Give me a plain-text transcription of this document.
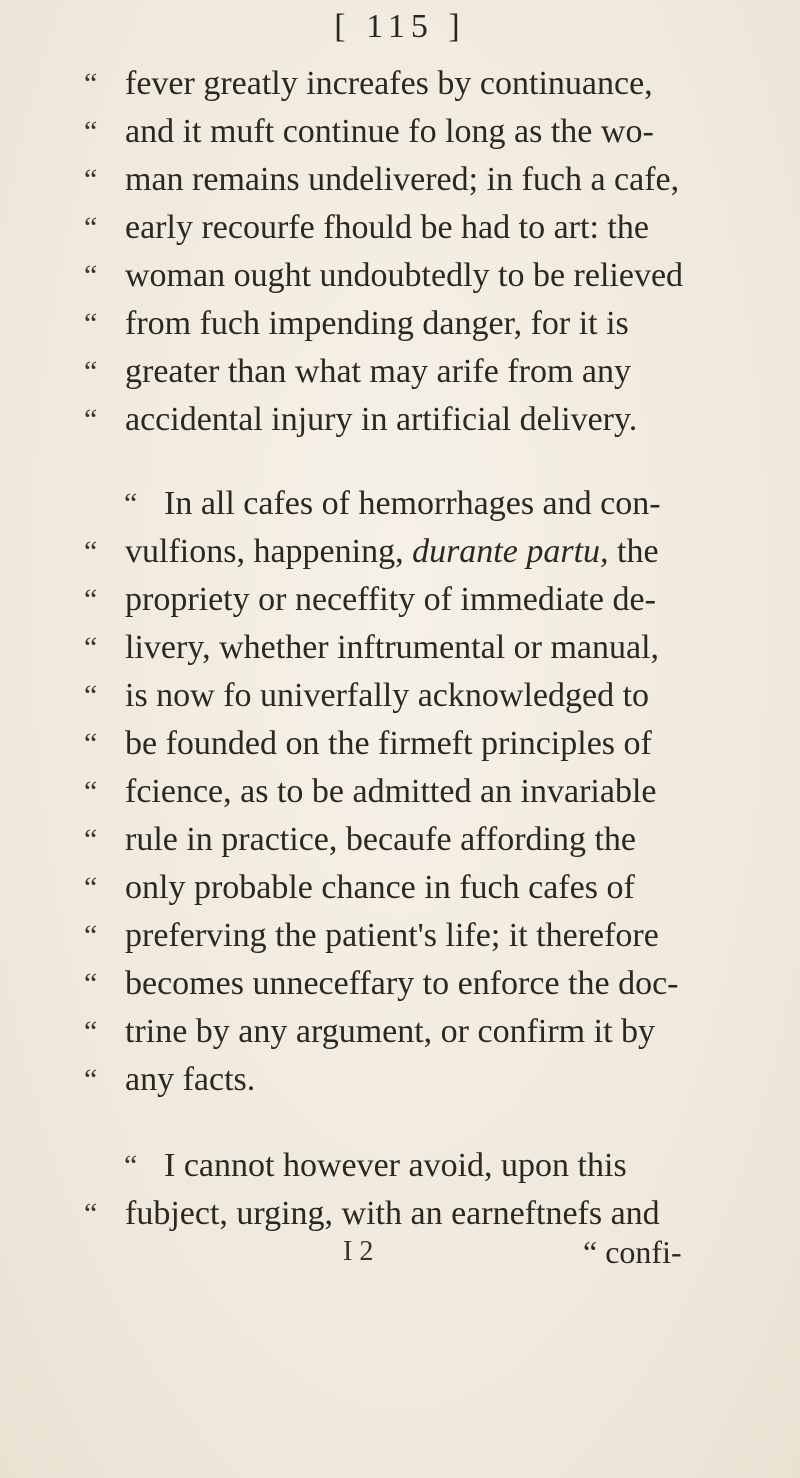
[ 115 ]
“ fever greatly increafes by continuance,
“ and it muft continue fo long as the wo-
“ man remains undelivered; in fuch a cafe,
“ early recourfe fhould be had to art: the
“ woman ought undoubtedly to be relieved
“ from fuch impending danger, for it is
“ greater than what may arife from any
“ accidental injury in artificial delivery.
“ In all cafes of hemorrhages and con-
“ vulfions, happening, durante partu, the
“ propriety or neceffity of immediate de-
“ livery, whether inftrumental or manual,
“ is now fo univerfally acknowledged to
“ be founded on the firmeft principles of
“ fcience, as to be admitted an invariable
“ rule in practice, becaufe affording the
“ only probable chance in fuch cafes of
“ preferving the patient's life; it therefore
“ becomes unneceffary to enforce the doc-
“ trine by any argument, or confirm it by
“ any facts.
“ I cannot however avoid, upon this
“ fubject, urging, with an earneftnefs and
I 2	“ confi-
